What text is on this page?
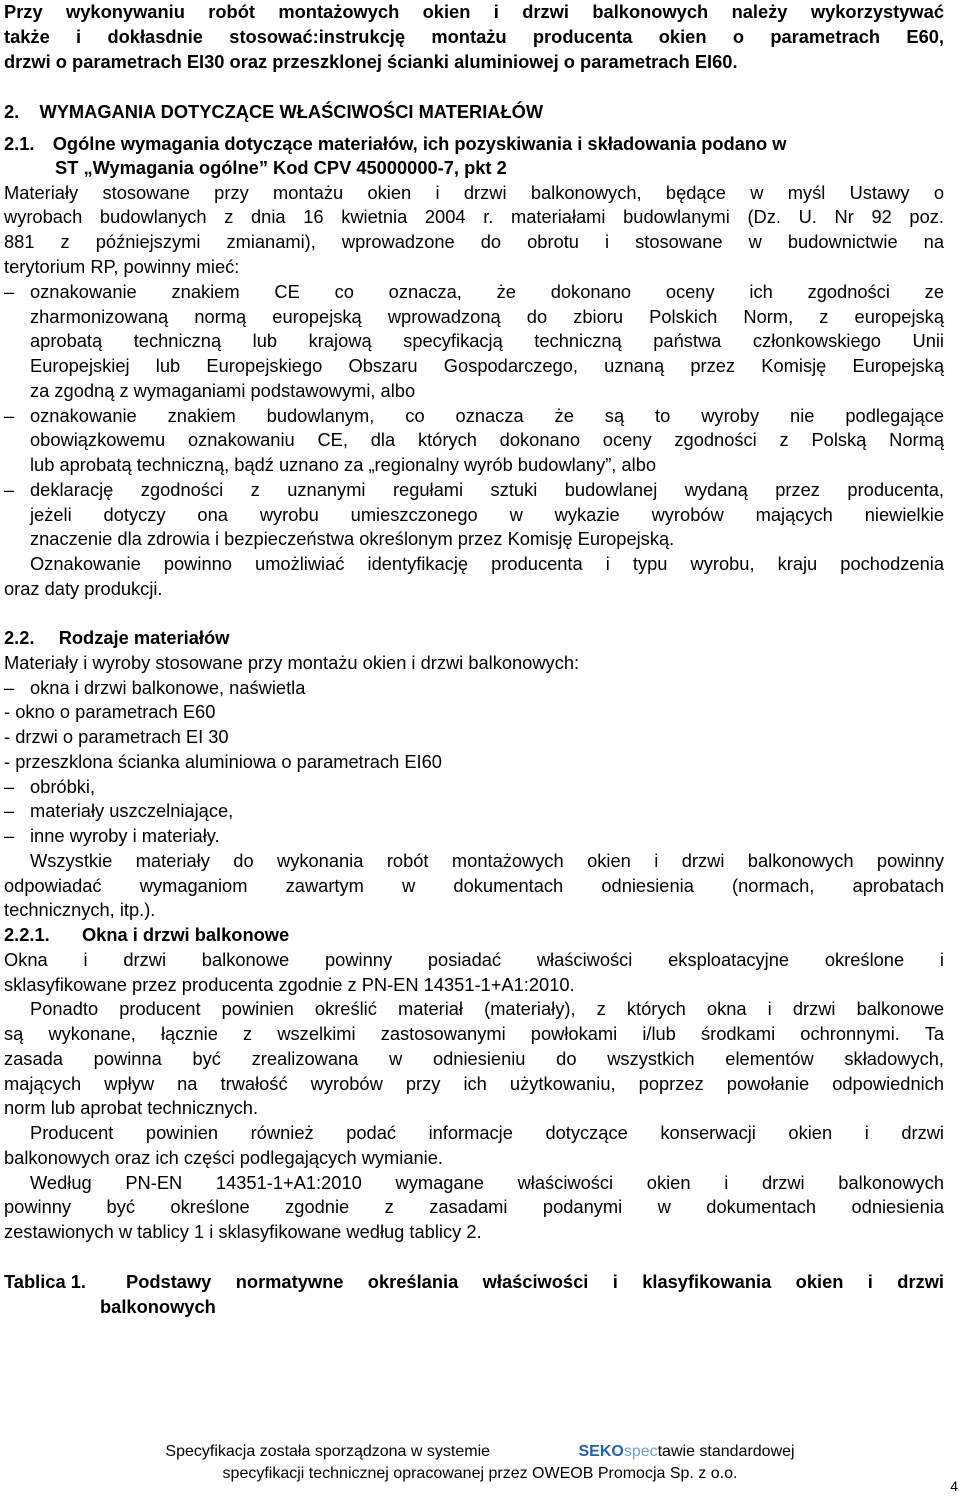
Przy wykonywaniu robót montażowych okien i drzwi balkonowych należy wykorzystywać
także i dokłasdnie stosować:instrukcję montażu producenta okien o parametrach E60,
drzwi o parametrach EI30 oraz przeszklonej ścianki aluminiowej o parametrach EI60.
2. WYMAGANIA DOTYCZĄCE WŁAŚCIWOŚCI MATERIAŁÓW
2.1. Ogólne wymagania dotyczące materiałów, ich pozyskiwania i składowania podano w
ST „Wymagania ogólne” Kod CPV 45000000-7, pkt 2
Materiały stosowane przy montażu okien i drzwi balkonowych, będące w myśl Ustawy o
wyrobach budowlanych z dnia 16 kwietnia 2004 r. materiałami budowlanymi (Dz. U. Nr 92 poz.
881 z późniejszymi zmianami), wprowadzone do obrotu i stosowane w budownictwie na
terytorium RP, powinny mieć:
– oznakowanie znakiem CE co oznacza, że dokonano oceny ich zgodności ze
zharmonizowaną normą europejską wprowadzoną do zbioru Polskich Norm, z europejską
aprobatą techniczną lub krajową specyfikacją techniczną państwa członkowskiego Unii
Europejskiej lub Europejskiego Obszaru Gospodarczego, uznaną przez Komisję Europejską
za zgodną z wymaganiami podstawowymi, albo
– oznakowanie znakiem budowlanym, co oznacza że są to wyroby nie podlegające
obowiązkowemu oznakowaniu CE, dla których dokonano oceny zgodności z Polską Normą
lub aprobatą techniczną, bądź uznano za „regionalny wyrób budowlany”, albo
– deklarację zgodności z uznanymi regułami sztuki budowlanej wydaną przez producenta,
jeżeli dotyczy ona wyrobu umieszczonego w wykazie wyrobów mających niewielkie
znaczenie dla zdrowia i bezpieczeństwa określonym przez Komisję Europejską.
Oznakowanie powinno umożliwiać identyfikację producenta i typu wyrobu, kraju pochodzenia
oraz daty produkcji.
2.2. Rodzaje materiałów
Materiały i wyroby stosowane przy montażu okien i drzwi balkonowych:
– okna i drzwi balkonowe, naświetla
- okno o parametrach E60
- drzwi o parametrach EI 30
- przeszklona ścianka aluminiowa o parametrach EI60
– obróbki,
– materiały uszczelniające,
– inne wyroby i materiały.
Wszystkie materiały do wykonania robót montażowych okien i drzwi balkonowych powinny
odpowiadać wymaganiom zawartym w dokumentach odniesienia (normach, aprobatach
technicznych, itp.).
2.2.1. Okna i drzwi balkonowe
Okna i drzwi balkonowe powinny posiadać właściwości eksploatacyjne określone i
sklasyfikowane przez producenta zgodnie z PN-EN 14351-1+A1:2010.
Ponadto producent powinien określić materiał (materiały), z których okna i drzwi balkonowe
są wykonane, łącznie z wszelkimi zastosowanymi powłokami i/lub środkami ochronnymi. Ta
zasada powinna być zrealizowana w odniesieniu do wszystkich elementów składowych,
mających wpływ na trwałość wyrobów przy ich użytkowaniu, poprzez powołanie odpowiednich
norm lub aprobat technicznych.
Producent powinien również podać informacje dotyczące konserwacji okien i drzwi
balkonowych oraz ich części podlegających wymianie.
Według PN-EN 14351-1+A1:2010 wymagane właściwości okien i drzwi balkonowych
powinny być określone zgodnie z zasadami podanymi w dokumentach odniesienia
zestawionych w tablicy 1 i sklasyfikowane według tablicy 2.
Tablica 1. Podstawy normatywne określania właściwości i klasyfikowania okien i drzwi
balkonowych
Specyfikacja została sporządzona w systemie	SEKOspectawie standardowej
specyfikacji technicznej opracowanej przez OWEOB Promocja Sp. z o.o.
4
